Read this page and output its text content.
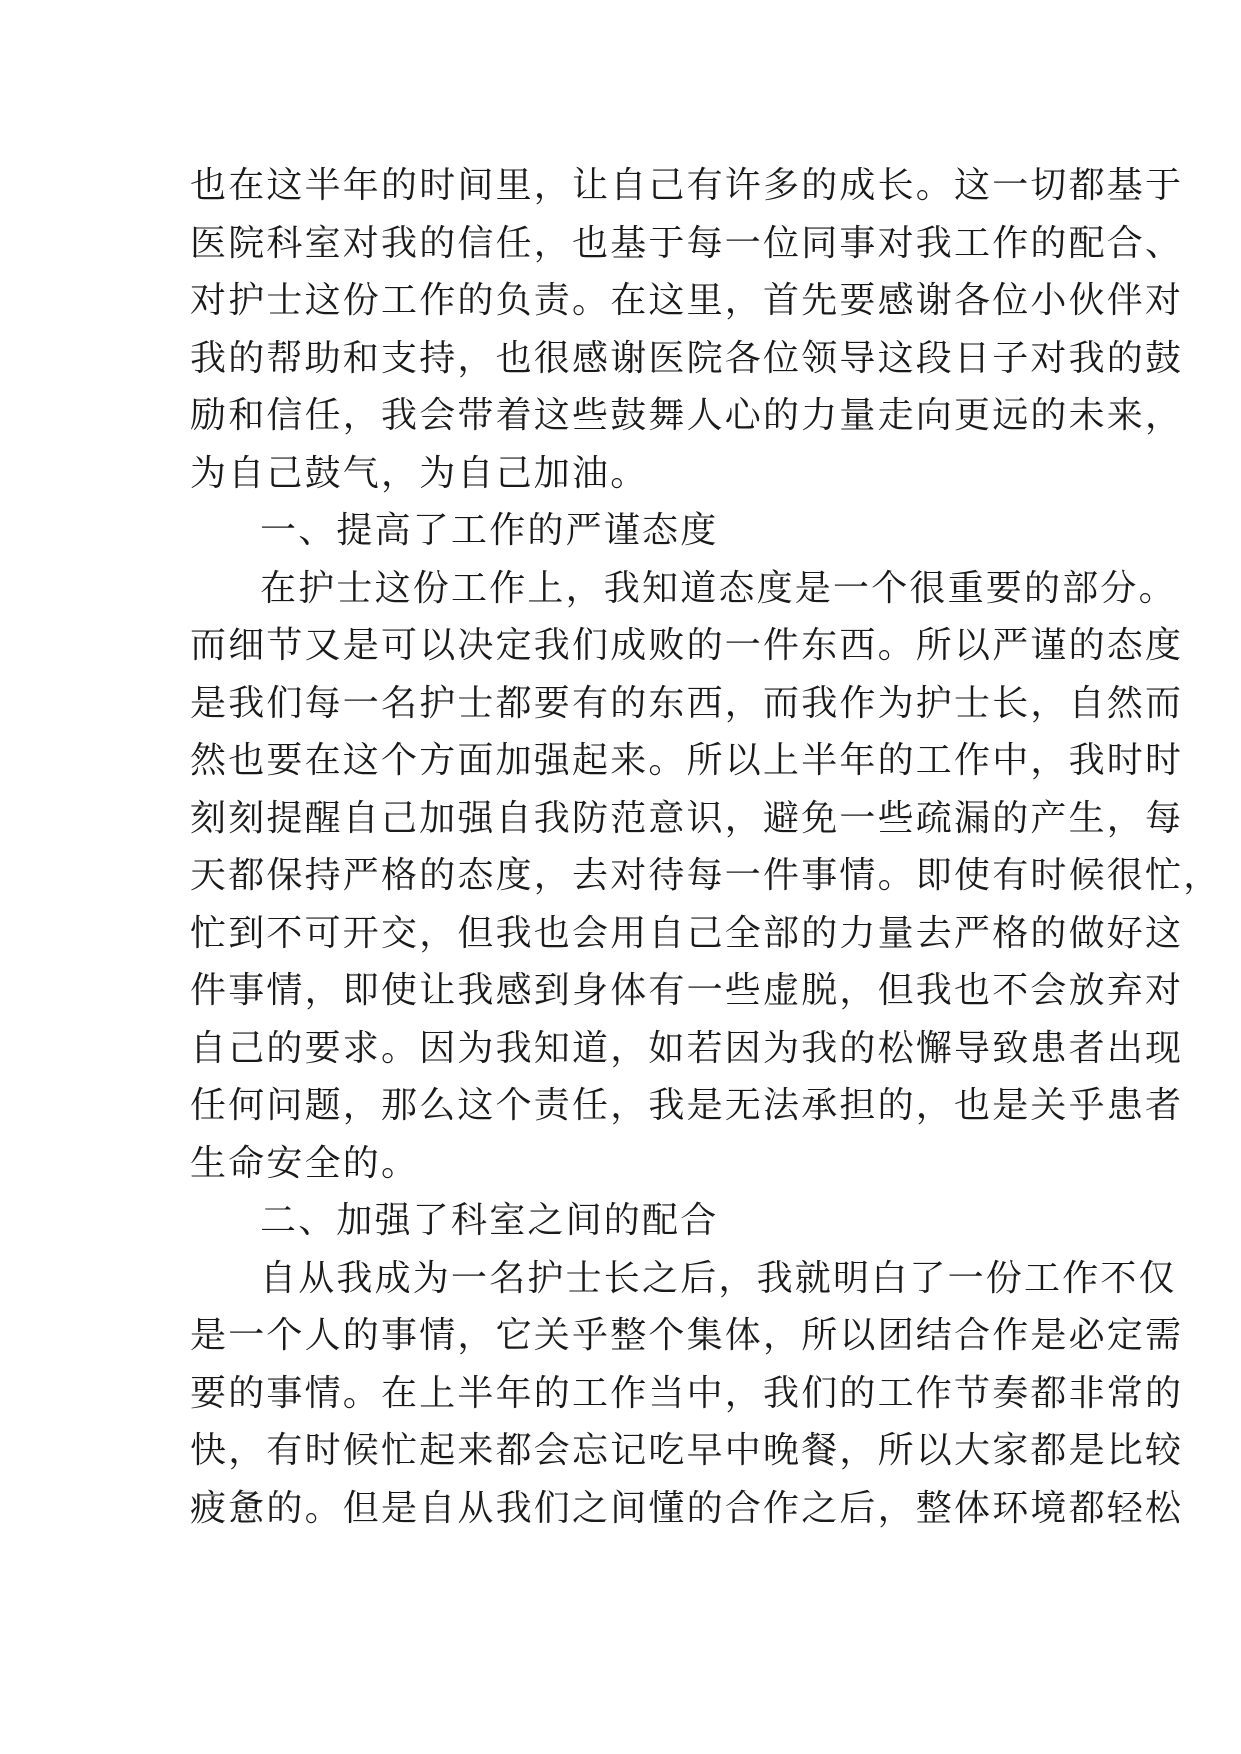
也在这半年的时间里，让自己有许多的成长。这一切都基于
医院科室对我的信任，也基于每一位同事对我工作的配合、
对护士这份工作的负责。在这里，首先要感谢各位小伙伴对
我的帮助和支持，也很感谢医院各位领导这段日子对我的鼓
励和信任，我会带着这些鼓舞人心的力量走向更远的未来，
为自己鼓气，为自己加油。
一、提高了工作的严谨态度
在护士这份工作上，我知道态度是一个很重要的部分。
而细节又是可以决定我们成败的一件东西。所以严谨的态度
是我们每一名护士都要有的东西，而我作为护士长，自然而
然也要在这个方面加强起来。所以上半年的工作中，我时时
刻刻提醒自己加强自我防范意识，避免一些疏漏的产生，每
天都保持严格的态度，去对待每一件事情。即使有时候很忙，
忙到不可开交，但我也会用自己全部的力量去严格的做好这
件事情，即使让我感到身体有一些虚脱，但我也不会放弃对
自己的要求。因为我知道，如若因为我的松懈导致患者出现
任何问题，那么这个责任，我是无法承担的，也是关乎患者
生命安全的。
二、加强了科室之间的配合
自从我成为一名护士长之后，我就明白了一份工作不仅
是一个人的事情，它关乎整个集体，所以团结合作是必定需
要的事情。在上半年的工作当中，我们的工作节奏都非常的
快，有时候忙起来都会忘记吃早中晚餐，所以大家都是比较
疲惫的。但是自从我们之间懂的合作之后，整体环境都轻松
